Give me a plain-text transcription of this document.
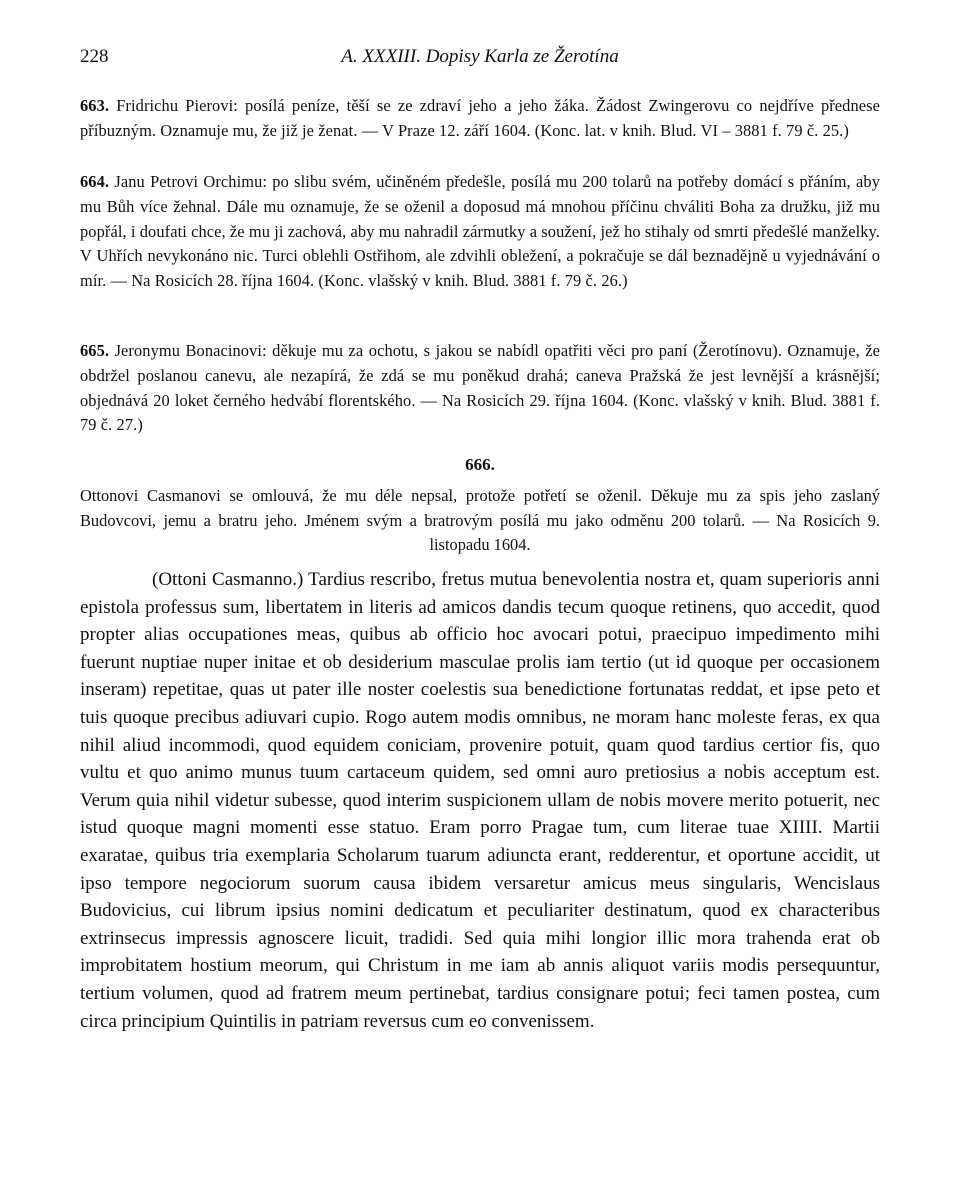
228	A. XXXIII. Dopisy Karla ze Žerotína
663. Fridrichu Pierovi: posílá peníze, těší se ze zdraví jeho a jeho žáka. Žádost Zwingerovu co nejdříve přednese příbuzným. Oznamuje mu, že již je ženat. — V Praze 12. září 1604. (Konc. lat. v knih. Blud. VI – 3881 f. 79 č. 25.)
664. Janu Petrovi Orchimu: po slibu svém, učiněném předešle, posílá mu 200 tolarů na potřeby domácí s přáním, aby mu Bůh více žehnal. Dále mu oznamuje, že se oženil a doposud má mnohou příčinu chváliti Boha za družku, již mu popřál, i doufati chce, že mu ji zachová, aby mu nahradil zármutky a soužení, jež ho stihaly od smrti předešlé manželky. V Uhřích nevykonáno nic. Turci oblehli Ostřihom, ale zdvihli obležení, a pokračuje se dál beznadějně u vyjednávání o mír. — Na Rosicích 28. října 1604. (Konc. vlašský v knih. Blud. 3881 f. 79 č. 26.)
665. Jeronymu Bonacinovi: děkuje mu za ochotu, s jakou se nabídl opatřiti věci pro paní (Žerotínovu). Oznamuje, že obdržel poslanou canevu, ale nezapírá, že zdá se mu poněkud drahá; caneva Pražská že jest levnější a krásnější; objednává 20 loket černého hedvábí florentského. — Na Rosicích 29. října 1604. (Konc. vlašský v knih. Blud. 3881 f. 79 č. 27.)
666.
Ottonovi Casmanovi se omlouvá, že mu déle nepsal, protože potřetí se oženil. Děkuje mu za spis jeho zaslaný Budovcovi, jemu a bratru jeho. Jménem svým a bratrovým posílá mu jako odměnu 200 tolarů. — Na Rosicích 9. listopadu 1604.
(Ottoni Casmanno.) Tardius rescribo, fretus mutua benevolentia nostra et, quam superioris anni epistola professus sum, libertatem in literis ad amicos dandis tecum quoque retinens, quo accedit, quod propter alias occupationes meas, quibus ab officio hoc avocari potui, praecipuo impedimento mihi fuerunt nuptiae nuper initae et ob desiderium masculae prolis iam tertio (ut id quoque per occasionem inseram) repetitae, quas ut pater ille noster coelestis sua benedictione fortunatas reddat, et ipse peto et tuis quoque precibus adiuvari cupio. Rogo autem modis omnibus, ne moram hanc moleste feras, ex qua nihil aliud incommodi, quod equidem coniciam, provenire potuit, quam quod tardius certior fis, quo vultu et quo animo munus tuum cartaceum quidem, sed omni auro pretiosius a nobis acceptum est. Verum quia nihil videtur subesse, quod interim suspicionem ullam de nobis movere merito potuerit, nec istud quoque magni momenti esse statuo. Eram porro Pragae tum, cum literae tuae XIIII. Martii exaratae, quibus tria exemplaria Scholarum tuarum adiuncta erant, redderentur, et oportune accidit, ut ipso tempore negociorum suorum causa ibidem versaretur amicus meus singularis, Wencislaus Budovicius, cui librum ipsius nomini dedicatum et peculiariter destinatum, quod ex characteribus extrinsecus impressis agnoscere licuit, tradidi. Sed quia mihi longior illic mora trahenda erat ob improbitatem hostium meorum, qui Christum in me iam ab annis aliquot variis modis persequuntur, tertium volumen, quod ad fratrem meum pertinebat, tardius consignare potui; feci tamen postea, cum circa principium Quintilis in patriam reversus cum eo convenissem.
